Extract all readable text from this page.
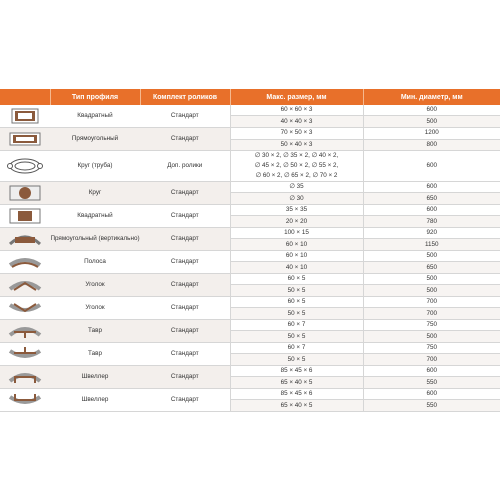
	Тип профиля	Комплект роликов	Макс. размер, мм	Мин. диаметр, мм

	Квадратный	Стандарт	60 × 60 × 3	600
			40 × 40 × 3	500

	Прямоугольный	Стандарт	70 × 50 × 3	1200
			50 × 40 × 3	800

	Круг (труба)	Доп. ролики	∅ 30 × 2, ∅ 35 × 2, ∅ 40 × 2,
∅ 45 × 2, ∅ 50 × 2, ∅ 55 × 2,
∅ 60 × 2, ∅ 65 × 2, ∅ 70 × 2	600

	Круг	Стандарт	∅ 35	600
			∅ 30	650

	Квадратный	Стандарт	35 × 35	600
			20 × 20	780

	Прямоугольный (вертикально)	Стандарт	100 × 15	920
			60 × 10	1150

	Полоса	Стандарт	60 × 10	500
			40 × 10	650

	Уголок	Стандарт	60 × 5	500
			50 × 5	500

	Уголок	Стандарт	60 × 5	700
			50 × 5	700

	Тавр	Стандарт	60 × 7	750
			50 × 5	500

	Тавр	Стандарт	60 × 7	750
			50 × 5	700

	Швеллер	Стандарт	85 × 45 × 6	600
			65 × 40 × 5	550

	Швеллер	Стандарт	85 × 45 × 6	600
			65 × 40 × 5	550
